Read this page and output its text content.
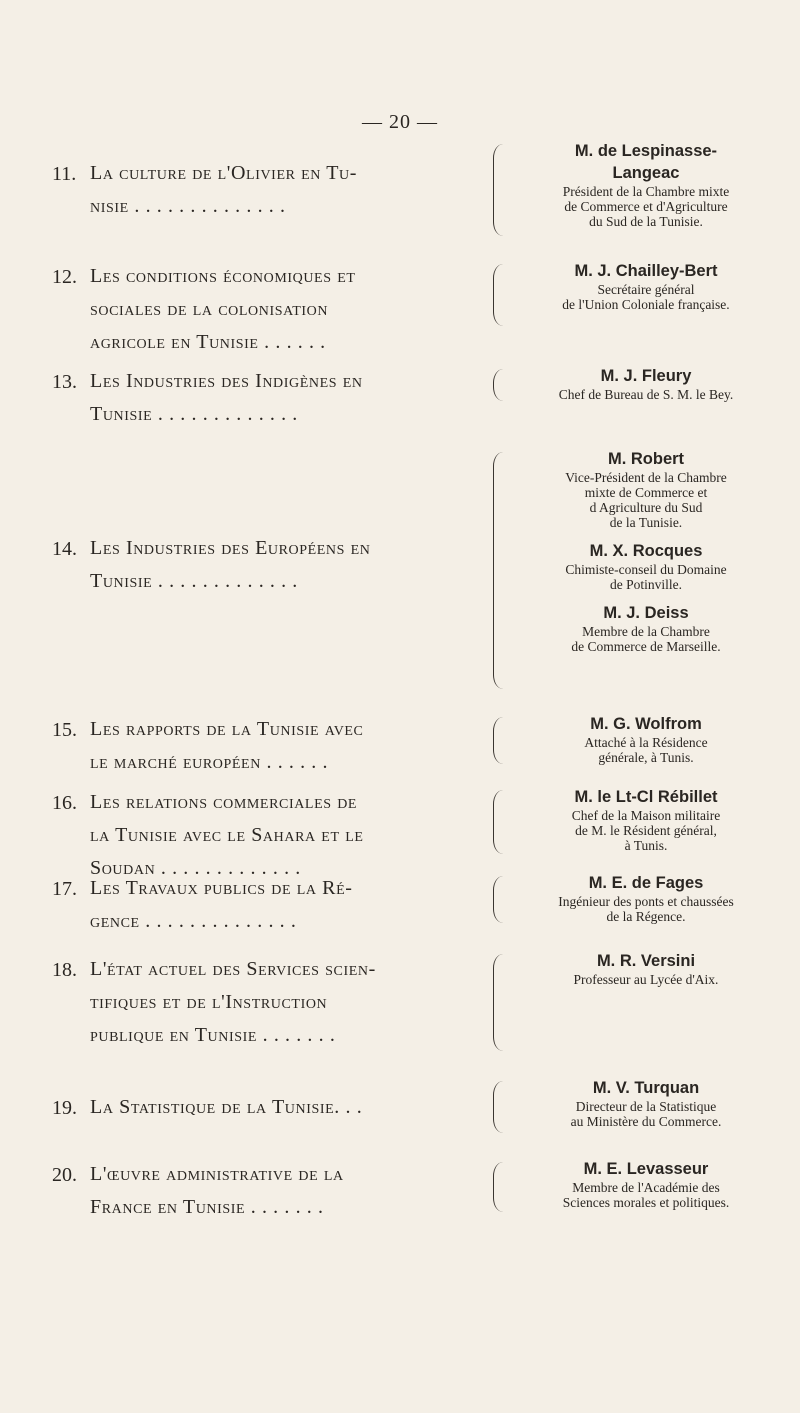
— 20 —
11. La culture de l'Olivier en Tu-
nisie . . . . . . . . . . . . . .
M. de Lespinasse-
Langeac
Président de la Chambre mixte
de Commerce et d'Agriculture
du Sud de la Tunisie.
12. Les conditions économiques et
sociales de la colonisation
agricole en Tunisie . . . . . .
M. J. Chailley-Bert
Secrétaire général
de l'Union Coloniale française.
13. Les Industries des Indigènes en
Tunisie . . . . . . . . . . . . .
M. J. Fleury
Chef de Bureau de S. M. le Bey.
14. Les Industries des Européens en
Tunisie . . . . . . . . . . . . .
M. Robert
Vice-Président de la Chambre
mixte de Commerce et
d Agriculture du Sud
de la Tunisie.
M. X. Rocques
Chimiste-conseil du Domaine
de Potinville.
M. J. Deiss
Membre de la Chambre
de Commerce de Marseille.
15. Les rapports de la Tunisie avec
le marché européen . . . . . .
M. G. Wolfrom
Attaché à la Résidence
générale, à Tunis.
16. Les relations commerciales de
la Tunisie avec le Sahara et le
Soudan . . . . . . . . . . . . .
M. le Lt-Cl Rébillet
Chef de la Maison militaire
de M. le Résident général,
à Tunis.
17. Les Travaux publics de la Ré-
gence . . . . . . . . . . . . . .
M. E. de Fages
Ingénieur des ponts et chaussées
de la Régence.
18. L'état actuel des Services scien-
tifiques et de l'Instruction
publique en Tunisie . . . . . . .
M. R. Versini
Professeur au Lycée d'Aix.
19. La Statistique de la Tunisie. . .
M. V. Turquan
Directeur de la Statistique
au Ministère du Commerce.
20. L'œuvre administrative de la
France en Tunisie . . . . . . .
M. E. Levasseur
Membre de l'Académie des
Sciences morales et politiques.
